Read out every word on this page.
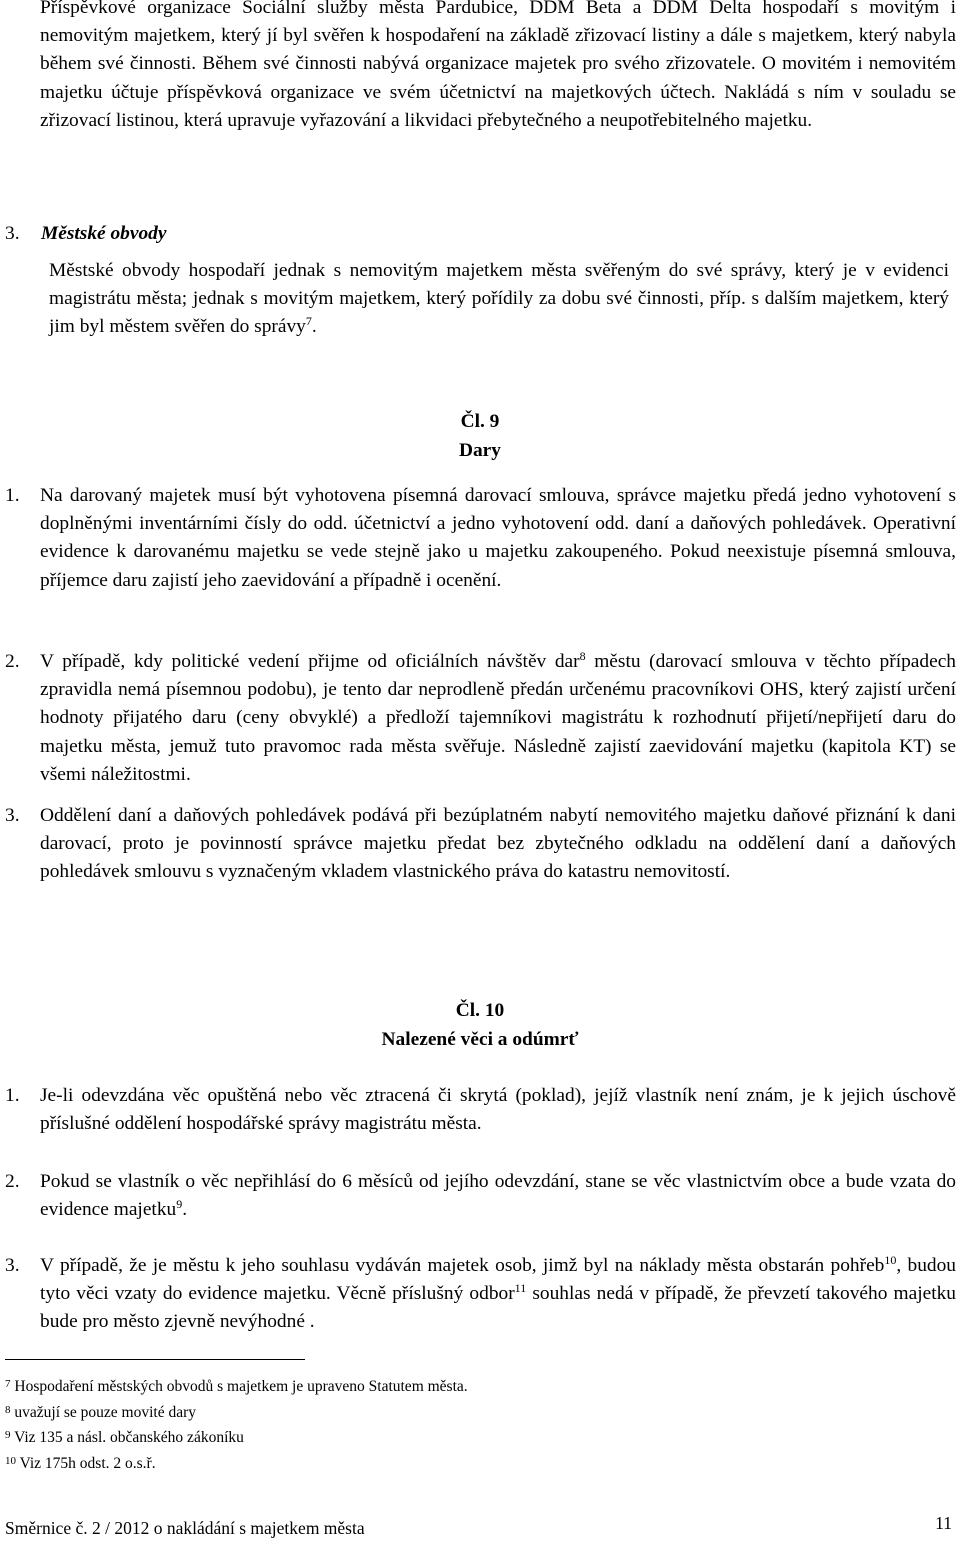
Příspěvkové organizace Sociální služby města Pardubice, DDM Beta a DDM Delta hospodaří s movitým i nemovitým majetkem, který jí byl svěřen k hospodaření na základě zřizovací listiny a dále s majetkem, který nabyla během své činnosti. Během své činnosti nabývá organizace majetek pro svého zřizovatele. O movitém i nemovitém majetku účtuje příspěvková organizace ve svém účetnictví na majetkových účtech. Nakládá s ním v souladu se zřizovací listinou, která upravuje vyřazování a likvidaci přebytečného a neupotřebitelného majetku.

3. Městské obvody

Městské obvody hospodaří jednak s nemovitým majetkem města svěřeným do své správy, který je v evidenci magistrátu města; jednak s movitým majetkem, který pořídily za dobu své činnosti, příp. s dalším majetkem, který jim byl městem svěřen do správy$^7$.

Čl. 9
Dary
1. Na darovaný majetek musí být vyhotovena písemná darovací smlouva, správce majetku předá jedno vyhotovení s doplněnými inventárními čísly do odd. účetnictví a jedno vyhotovení odd. daní a daňových pohledávek. Operativní evidence k darovanému majetku se vede stejně jako u majetku zakoupeného. Pokud neexistuje písemná smlouva, příjemce daru zajistí jeho zaevidování a případně i ocenění.
2. V případě, kdy politické vedení přijme od oficiálních návštěv dar$^8$ městu (darovací smlouva v těchto případech zpravidla nemá písemnou podobu), je tento dar neprodleně předán určenému pracovníkovi OHS, který zajistí určení hodnoty přijatého daru (ceny obvyklé) a předloží tajemníkovi magistrátu k rozhodnutí přijetí/nepřijetí daru do majetku města, jemuž tuto pravomoc rada města svěřuje. Následně zajistí zaevidování majetku (kapitola KT) se všemi náležitostmi.
3. Oddělení daní a daňových pohledávek podává při bezúplatném nabytí nemovitého majetku daňové přiznání k dani darovací, proto je povinností správce majetku předat bez zbytečného odkladu na oddělení daní a daňových pohledávek smlouvu s vyznačeným vkladem vlastnického práva do katastru nemovitostí.
Čl. 10
Nalezené věci a odúmrť
1. Je-li odevzdána věc opuštěná nebo věc ztracená či skrytá (poklad), jejíž vlastník není znám, je k jejich úschově příslušné oddělení hospodářské správy magistrátu města.
2. Pokud se vlastník o věc nepřihlásí do 6 měsíců od jejího odevzdání, stane se věc vlastnictvím obce a bude vzata do evidence majetku$^9$.
3. V případě, že je městu k jeho souhlasu vydáván majetek osob, jimž byl na náklady města obstarán pohřeb$^{10}$, budou tyto věci vzaty do evidence majetku. Věcně příslušný odbor$^{11}$ souhlas nedá v případě, že převzetí takového majetku bude pro město zjevně nevýhodné .
$^7$ Hospodaření městských obvodů s majetkem je upraveno Statutem města.
$^8$ uvažují se pouze movité dary
$^9$ Viz 135 a násl. občanského zákoníku
$^{10}$ Viz 175h odst. 2 o.s.ř.
Směrnice č. 2 / 2012 o nakládání s majetkem města	11
